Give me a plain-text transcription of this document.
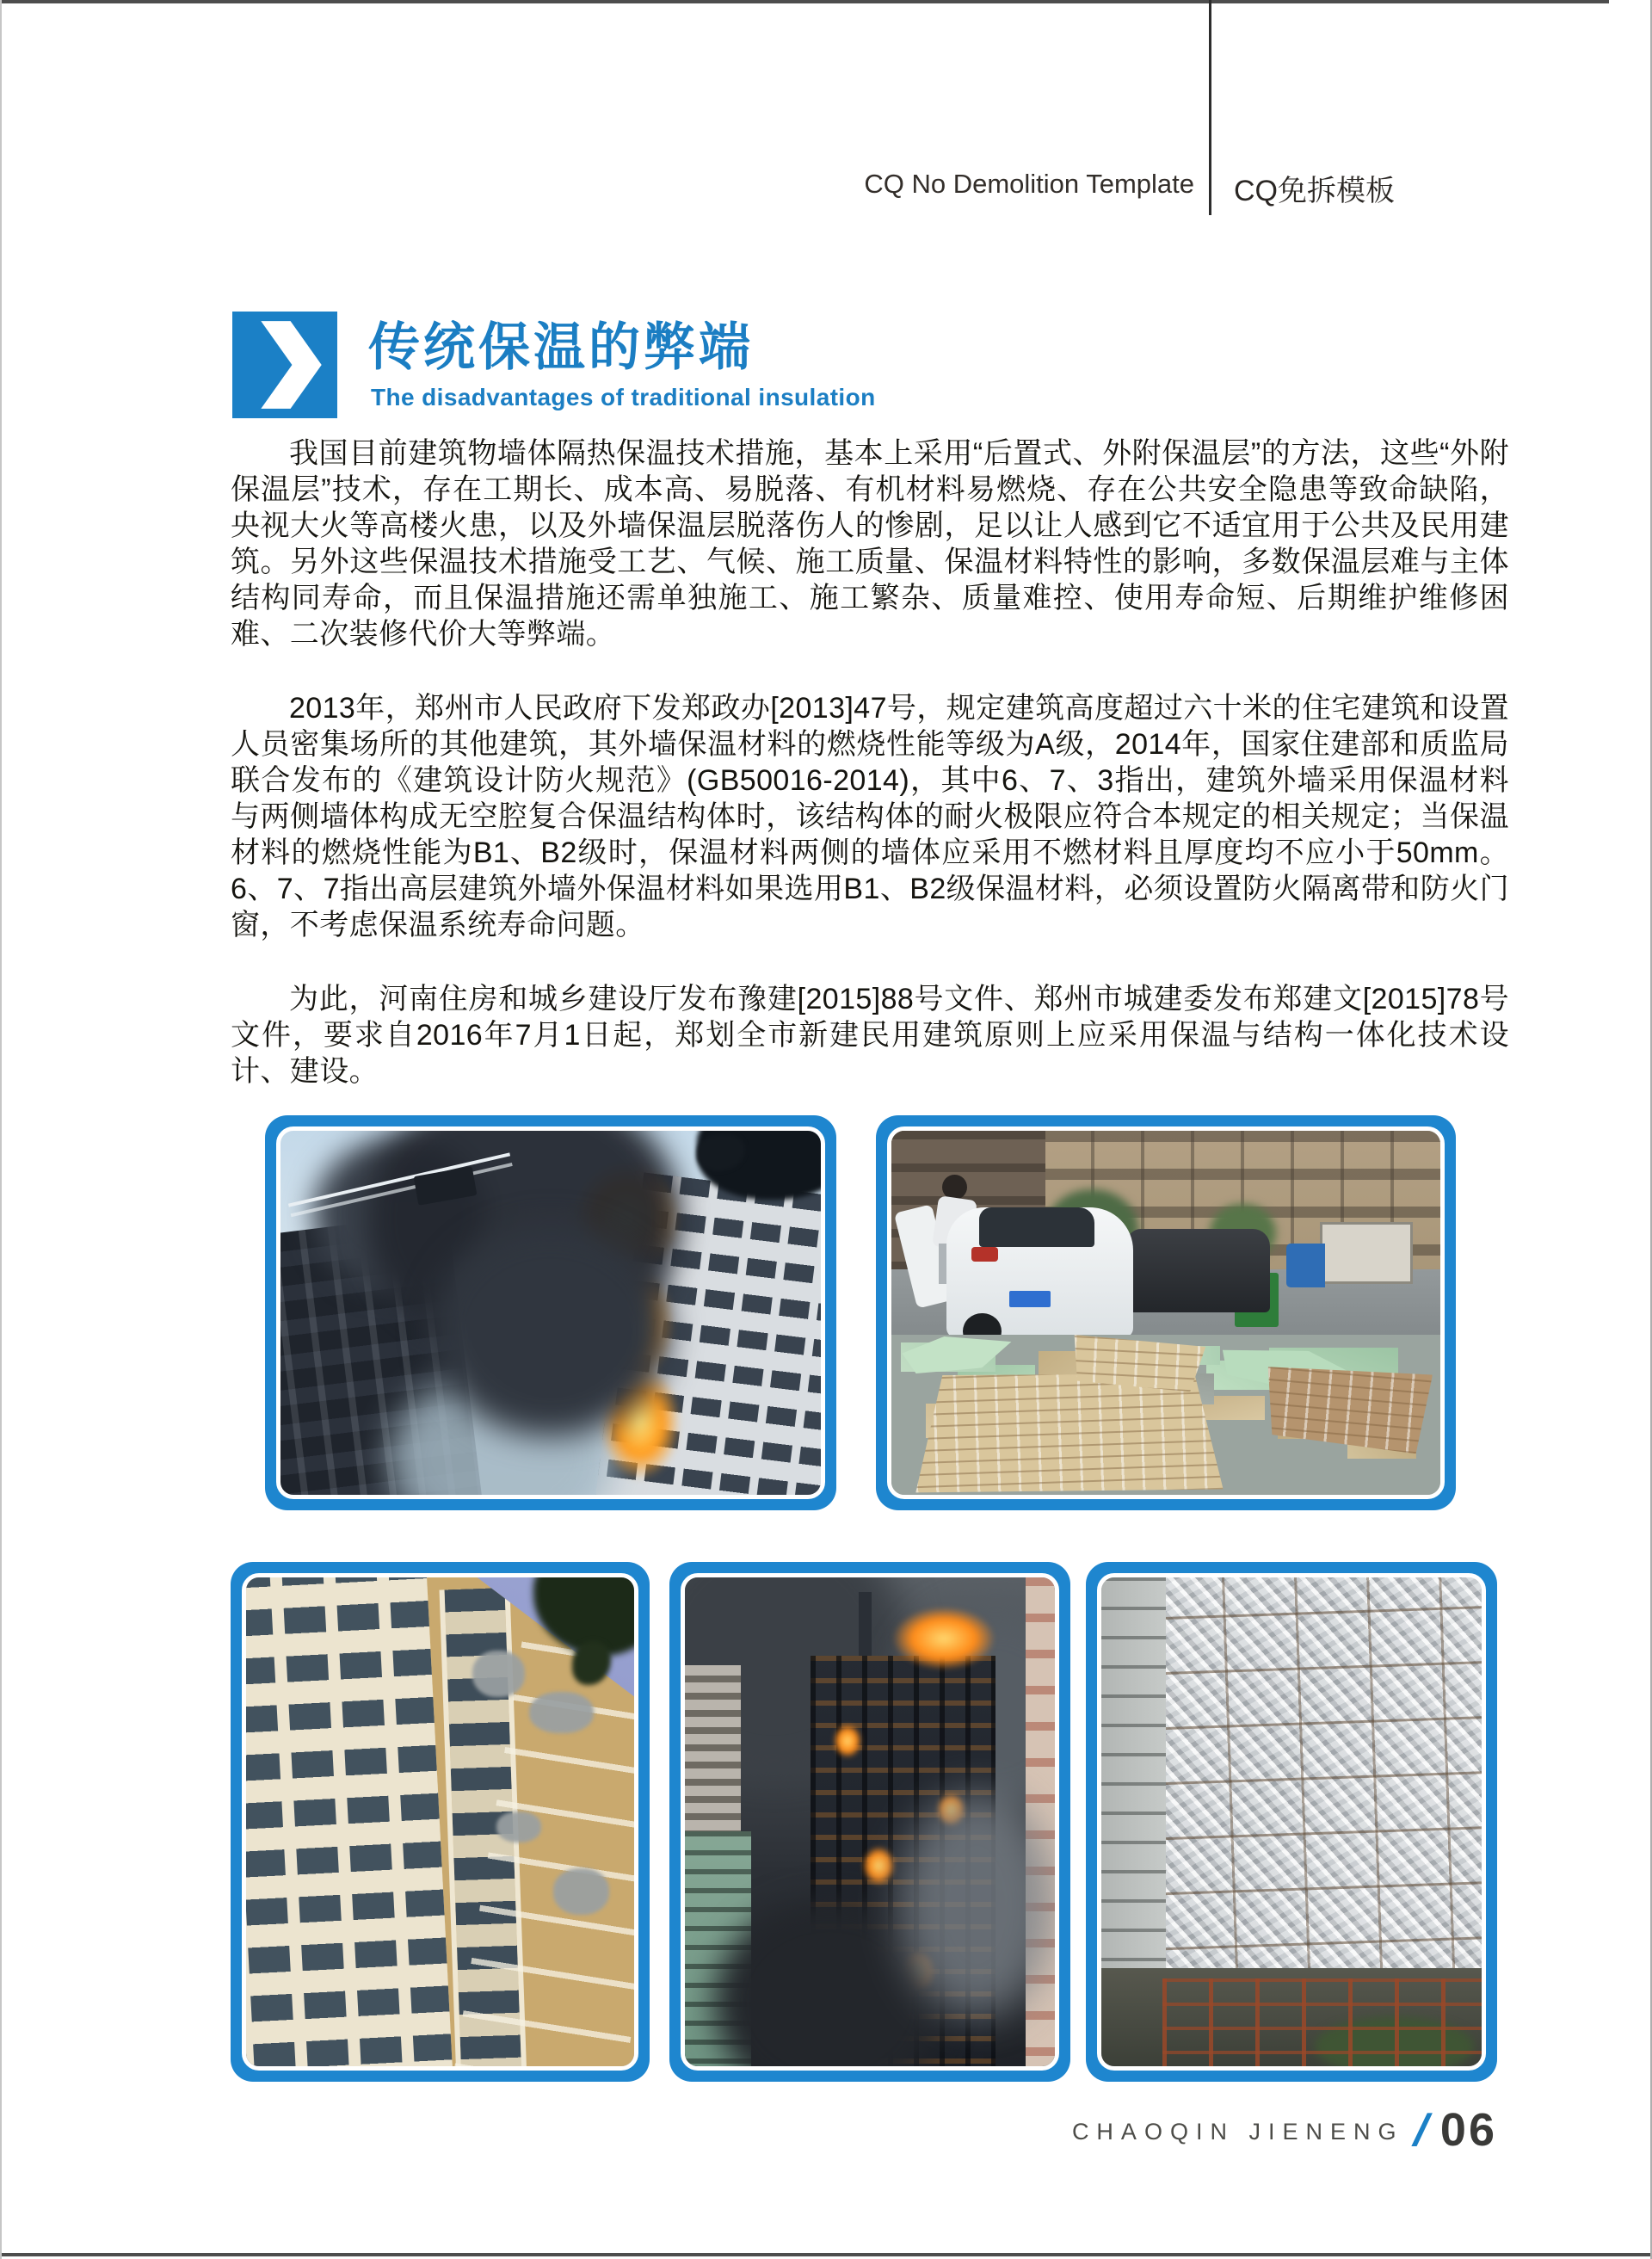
CQ No Demolition Template CQ免拆模板
传统保温的弊端
The disadvantages of traditional insulation

我国目前建筑物墙体隔热保温技术措施，基本上采用“后置式、外附保温层”的方法，这些“外附保温层”技术，存在工期长、成本高、易脱落、有机材料易燃烧、存在公共安全隐患等致命缺陷，央视大火等高楼火患，以及外墙保温层脱落伤人的惨剧，足以让人感到它不适宜用于公共及民用建筑。另外这些保温技术措施受工艺、气候、施工质量、保温材料特性的影响，多数保温层难与主体结构同寿命，而且保温措施还需单独施工、施工繁杂、质量难控、使用寿命短、后期维护维修困难、二次装修代价大等弊端。

2013年，郑州市人民政府下发郑政办[2013]47号，规定建筑高度超过六十米的住宅建筑和设置人员密集场所的其他建筑，其外墙保温材料的燃烧性能等级为A级，2014年，国家住建部和质监局联合发布的《建筑设计防火规范》(GB50016-2014)，其中6、7、3指出，建筑外墙采用保温材料与两侧墙体构成无空腔复合保温结构体时，该结构体的耐火极限应符合本规定的相关规定；当保温材料的燃烧性能为B1、B2级时，保温材料两侧的墙体应采用不燃材料且厚度均不应小于50mm。6、7、7指出高层建筑外墙外保温材料如果选用B1、B2级保温材料，必须设置防火隔离带和防火门窗，不考虑保温系统寿命问题。

为此，河南住房和城乡建设厅发布豫建[2015]88号文件、郑州市城建委发布郑建文[2015]78号文件，要求自2016年7月1日起，郑划全市新建民用建筑原则上应采用保温与结构一体化技术设计、建设。

CHAOQIN JIENENG / 06
